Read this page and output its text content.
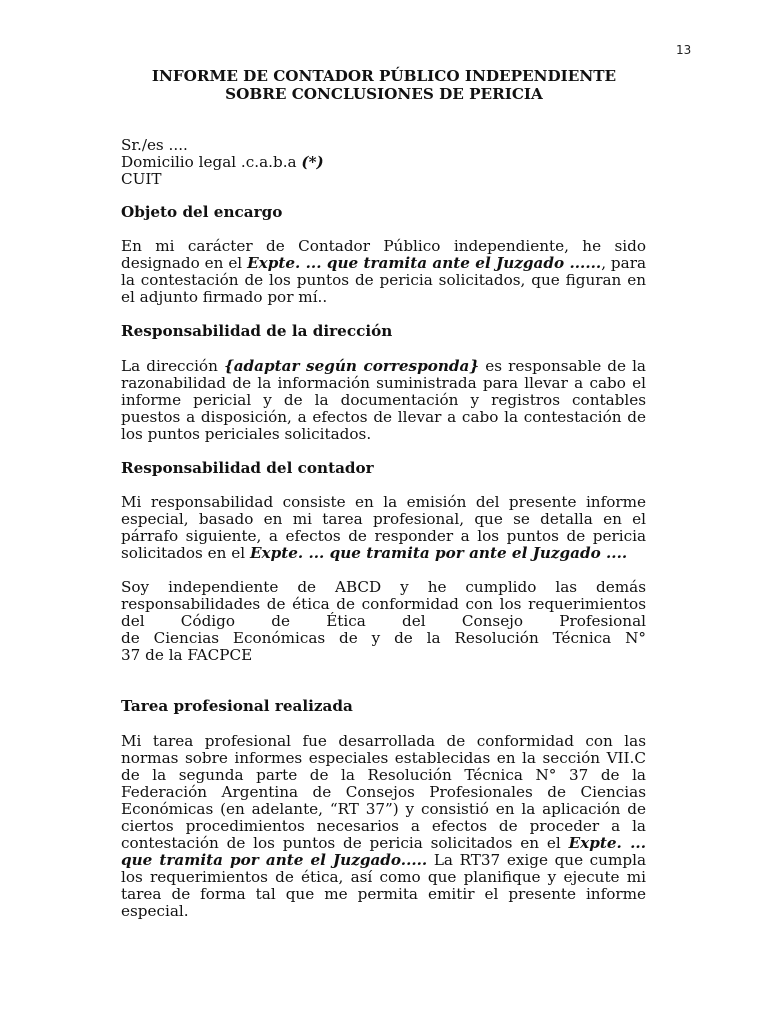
13
INFORME DE CONTADOR PÚBLICO INDEPENDIENTE
SOBRE CONCLUSIONES DE PERICIA
Sr./es ....
Domicilio legal .c.a.b.a (*)
CUIT
Objeto del encargo
En mi carácter de Contador Público independiente, he sido designado en el Expte. ... que tramita ante el Juzgado ......, para la contestación de los puntos de pericia solicitados, que figuran en el adjunto firmado por mí..
Responsabilidad de la dirección
La dirección {adaptar según corresponda} es responsable de la razonabilidad de la información suministrada para llevar a cabo el informe pericial y de la documentación y registros contables puestos a disposición, a efectos de llevar a cabo la contestación de los puntos periciales solicitados.
Responsabilidad del contador
Mi responsabilidad consiste en la emisión del presente informe especial, basado en mi tarea profesional, que se detalla en el párrafo siguiente, a efectos de responder a los puntos de pericia solicitados en el Expte. ... que tramita por ante el Juzgado ....
Soy independiente de ABCD y he cumplido las demás
responsabilidades de ética de conformidad con los requerimientos
del Código de Ética del Consejo Profesional
de Ciencias Económicas de y de la Resolución Técnica N°
37 de la FACPCE
Tarea profesional realizada
Mi tarea profesional fue desarrollada de conformidad con las normas sobre informes especiales establecidas en la sección VII.C de la segunda parte de la Resolución Técnica N° 37 de la Federación Argentina de Consejos Profesionales de Ciencias Económicas (en adelante, “RT 37”) y consistió en la aplicación de ciertos procedimientos necesarios a efectos de proceder a la contestación de los puntos de pericia solicitados en el Expte. ... que tramita por ante el Juzgado..... La RT37 exige que cumpla los requerimientos de ética, así como que planifique y ejecute mi tarea de forma tal que me permita emitir el presente informe especial.
